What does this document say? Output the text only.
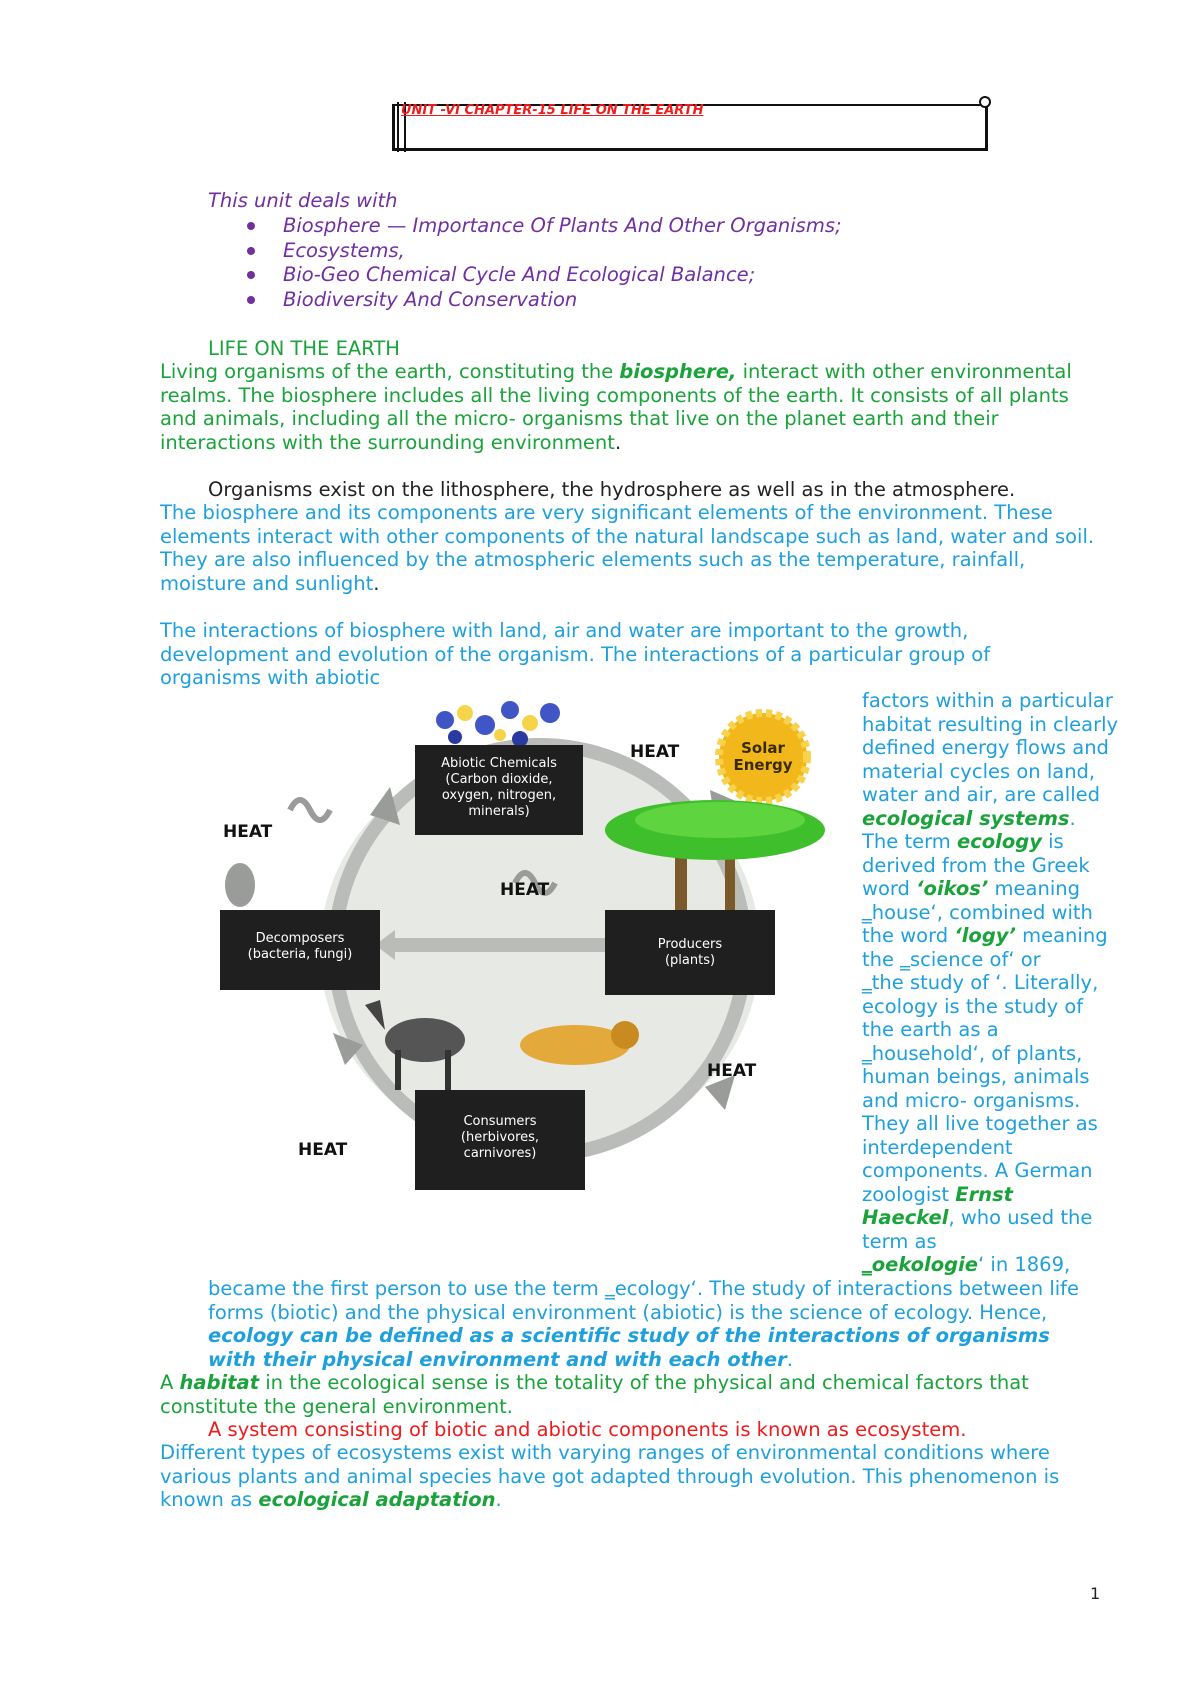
UNIT -VI CHAPTER-15 LIFE ON THE EARTH
This unit deals with
Biosphere — Importance Of Plants And Other Organisms;
Ecosystems,
Bio-Geo Chemical Cycle And Ecological Balance;
Biodiversity And Conservation
LIFE ON THE EARTH
Living organisms of the earth, constituting the biosphere, interact with other environmental
realms. The biosphere includes all the living components of the earth. It consists of all plants
and animals, including all the micro- organisms that live on the planet earth and their
interactions with the surrounding environment.
Organisms exist on the lithosphere, the hydrosphere as well as in the atmosphere.
The biosphere and its components are very significant elements of the environment. These
elements interact with other components of the natural landscape such as land, water and soil.
They are also influenced by the atmospheric elements such as the temperature, rainfall,
moisture and sunlight.
The interactions of biosphere with land, air and water are important to the growth,
development and evolution of the organism. The interactions of a particular group of
organisms with abiotic
factors within a particular
habitat resulting in clearly
defined energy flows and
material cycles on land,
water and air, are called
ecological systems.
The term ecology is
derived from the Greek
word ‘oikos’ meaning
‗house‘, combined with
the word ‘logy’ meaning
the ‗science of‘ or
‗the study of ‘. Literally,
ecology is the study of
the earth as a
‗household‘, of plants,
human beings, animals
and micro- organisms.
They all live together as
interdependent
components. A German
zoologist Ernst
Haeckel, who used the
term as
‗oekologie‘ in 1869,
became the first person to use the term ‗ecology‘. The study of interactions between life
forms (biotic) and the physical environment (abiotic) is the science of ecology. Hence,
ecology can be defined as a scientific study of the interactions of organisms
with their physical environment and with each other.
A habitat in the ecological sense is the totality of the physical and chemical factors that
constitute the general environment.
A system consisting of biotic and abiotic components is known as ecosystem.
Different types of ecosystems exist with varying ranges of environmental conditions where
various plants and animal species have got adapted through evolution. This phenomenon is
known as ecological adaptation.
Abiotic Chemicals
(Carbon dioxide,
oxygen, nitrogen,
minerals)
Solar
Energy
Producers
(plants)
Decomposers
(bacteria, fungi)
Consumers
(herbivores,
carnivores)
HEAT
HEAT
HEAT
HEAT
HEAT
1
